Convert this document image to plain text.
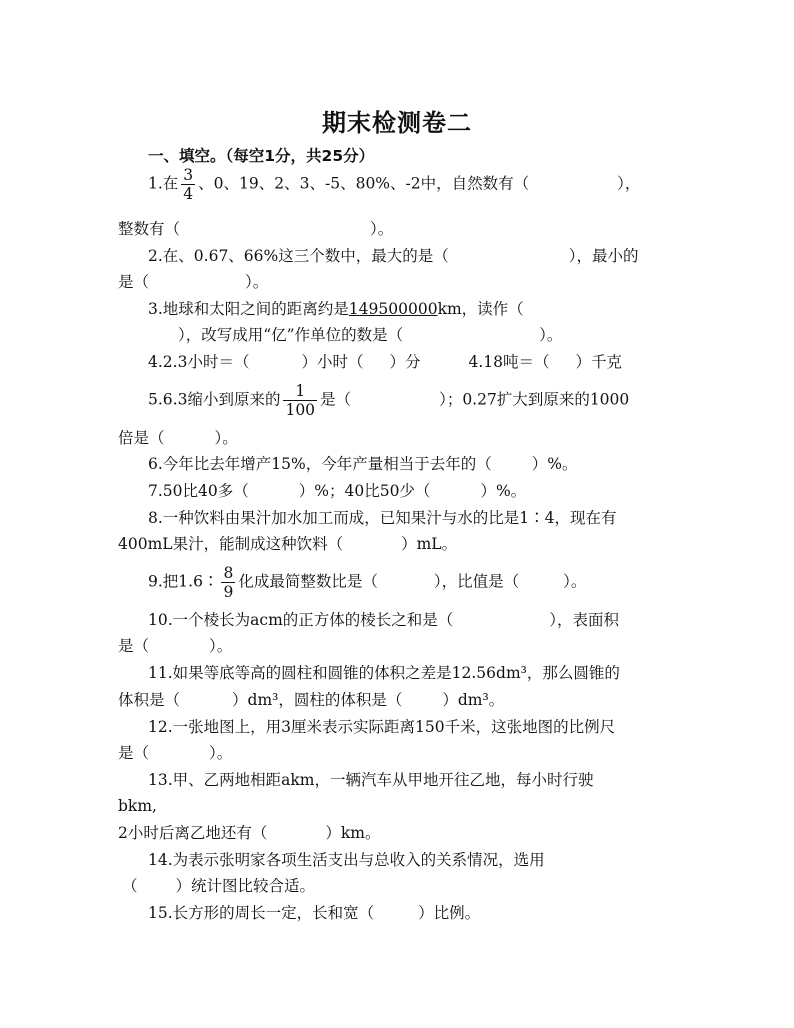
期末检测卷二
一、填空。（每空1分，共25分）
1.在 $\frac{3}{4}$ 、0、19、2、3、-5、80%、-2中，自然数有（	），
整数有（	）。
2.在、0.67、66%这三个数中，最大的是（	），最小的
是（	）。
3.地球和太阳之间的距离约是149500000km，读作（
），改写成用“亿”作单位的数是（	）。
4.2.3小时＝（	）小时（ ）分	4.18吨＝（ ）千克
5.6.3缩小到原来的 $\frac{1}{100}$ 是（	）；0.27扩大到原来的1000
倍是（	）。
6.今年比去年增产15%，今年产量相当于去年的（	）%。
7.50比40多（	）%；40比50少（	）%。
8.一种饮料由果汁加水加工而成，已知果汁与水的比是1∶4，现在有
400mL果汁，能制成这种饮料（	）mL。
9.把1.6∶ $\frac{8}{9}$ 化成最简整数比是（	），比值是（	）。
10.一个棱长为acm的正方体的棱长之和是（	），表面积
是（	）。
11.如果等底等高的圆柱和圆锥的体积之差是12.56dm³，那么圆锥的
体积是（	）dm³，圆柱的体积是（	）dm³。
12.一张地图上，用3厘米表示实际距离150千米，这张地图的比例尺
是（	）。
13.甲、乙两地相距akm，一辆汽车从甲地开往乙地，每小时行驶
bkm,
2小时后离乙地还有（	）km。
14.为表示张明家各项生活支出与总收入的关系情况，选用
（ ）统计图比较合适。
15.长方形的周长一定，长和宽（	）比例。
